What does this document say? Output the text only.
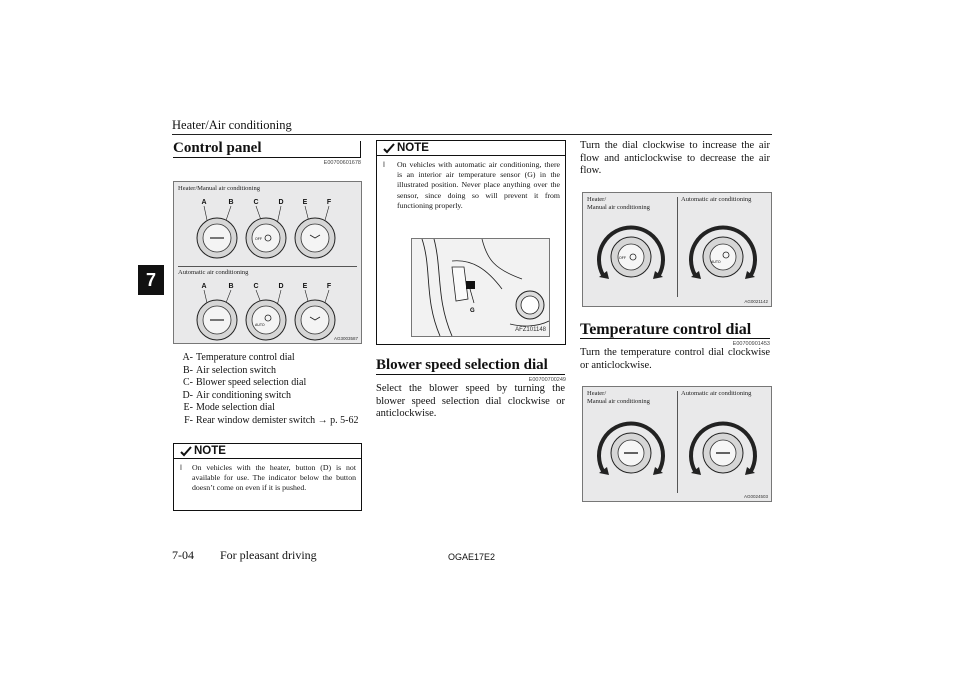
Heater/Air conditioning
7
Control panel
E00700601678
Heater/Manual air conditioning
Automatic air conditioning
AG3003587
A	B	C	D	E	F
A	B	C	D	E	F
OFF
AUTO
A- Temperature control dial
B- Air selection switch
C- Blower speed selection dial
D- Air conditioning switch
E- Mode selection dial
F- Rear window demister switch → p. 5-62
NOTE
l On vehicles with the heater, button (D) is not available for use. The indicator below the button doesn’t come on even if it is pushed.
NOTE
l On vehicles with automatic air conditioning, there is an interior air temperature sensor (G) in the illustrated position. Never place anything over the sensor, since doing so will prevent it from functioning properly.
G
AFZ101148
Blower speed selection dial
E00700700249
Select the blower speed by turning the blower speed selection dial clockwise or anticlockwise.
Turn the dial clockwise to increase the air flow and anticlockwise to decrease the air flow.
Heater/
Manual air conditioning
Automatic air conditioning
AG0021142
OFF
AUTO
Temperature control dial
E00700901453
Turn the temperature control dial clockwise or anticlockwise.
Heater/
Manual air conditioning
Automatic air conditioning
AG0024503
7-04 For pleasant driving	OGAE17E2
